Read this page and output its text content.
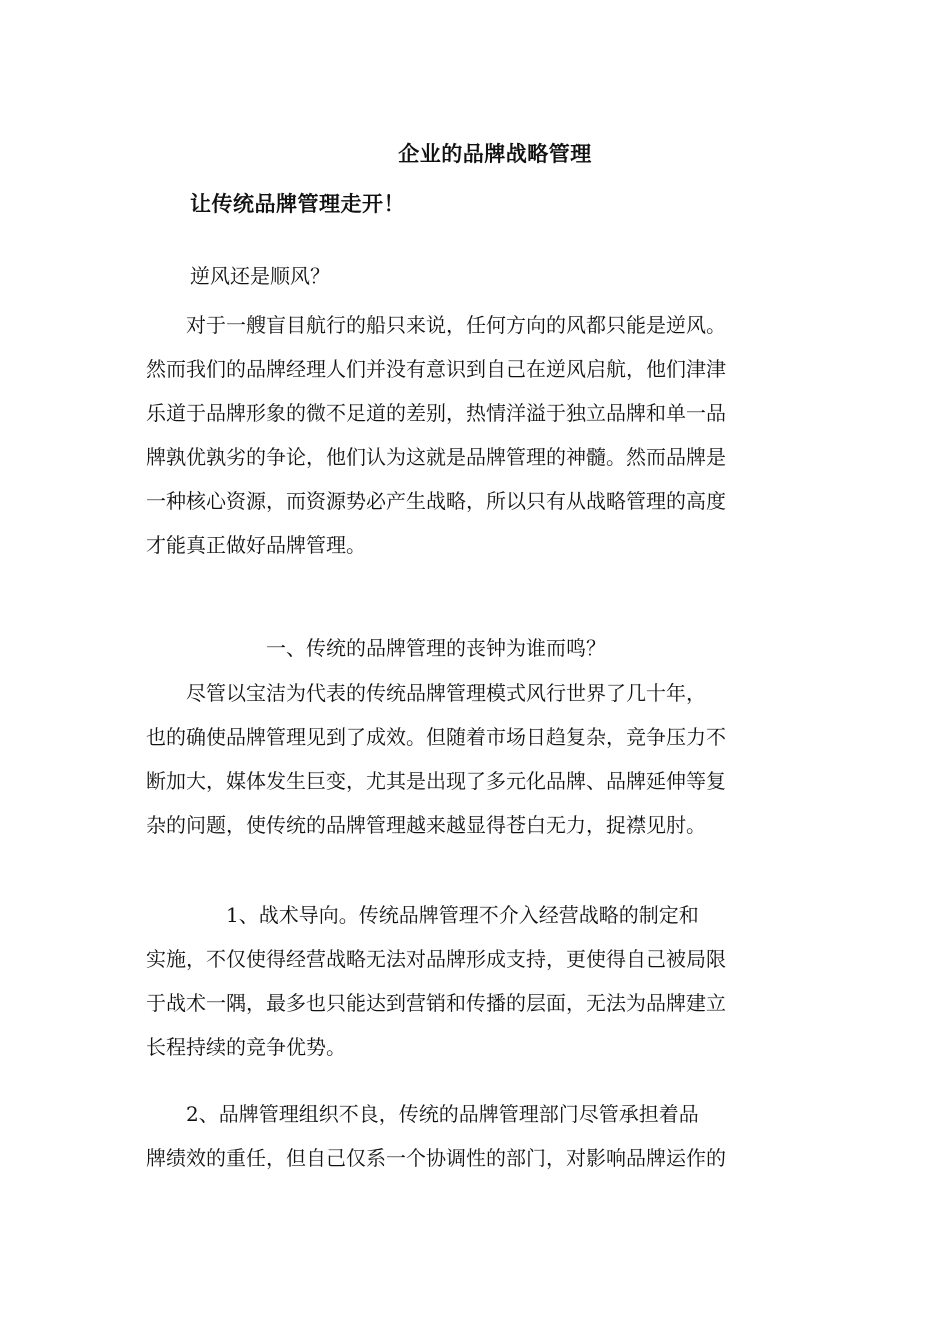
企业的品牌战略管理
让传统品牌管理走开！
逆风还是顺风？
　　对于一艘盲目航行的船只来说，任何方向的风都只能是逆风。
然而我们的品牌经理人们并没有意识到自己在逆风启航，他们津津
乐道于品牌形象的微不足道的差别，热情洋溢于独立品牌和单一品
牌孰优孰劣的争论，他们认为这就是品牌管理的神髓。然而品牌是
一种核心资源，而资源势必产生战略，所以只有从战略管理的高度
才能真正做好品牌管理。
一、传统的品牌管理的丧钟为谁而鸣？
　　尽管以宝洁为代表的传统品牌管理模式风行世界了几十年，
也的确使品牌管理见到了成效。但随着市场日趋复杂，竞争压力不
断加大，媒体发生巨变，尤其是出现了多元化品牌、品牌延伸等复
杂的问题，使传统的品牌管理越来越显得苍白无力，捉襟见肘。
　　　　1、战术导向。传统品牌管理不介入经营战略的制定和
实施，不仅使得经营战略无法对品牌形成支持，更使得自己被局限
于战术一隅，最多也只能达到营销和传播的层面，无法为品牌建立
长程持续的竞争优势。
　　2、品牌管理组织不良，传统的品牌管理部门尽管承担着品
牌绩效的重任，但自己仅系一个协调性的部门，对影响品牌运作的
